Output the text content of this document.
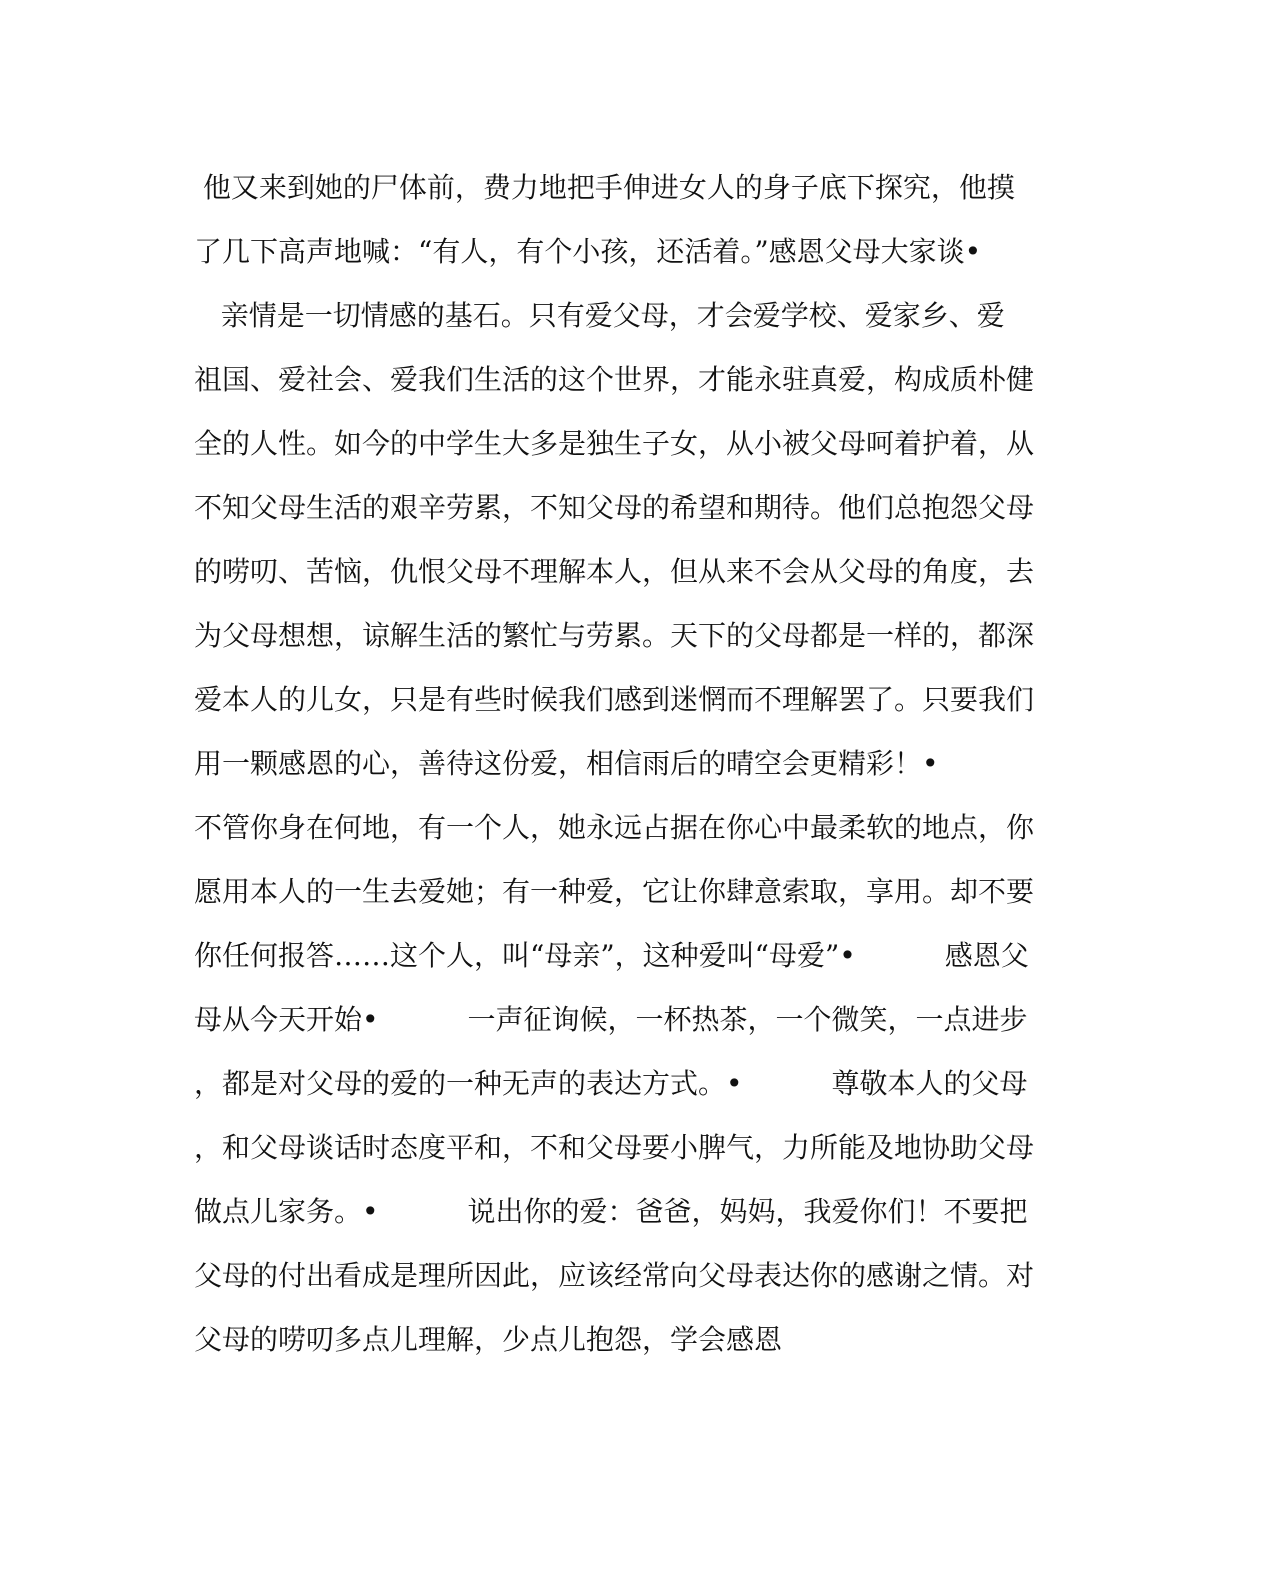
他又来到她的尸体前，费力地把手伸进女人的身子底下探究，他摸
了几下高声地喊：“有人，有个小孩，还活着。”感恩父母大家谈•
亲情是一切情感的基石。只有爱父母，才会爱学校、爱家乡、爱
祖国、爱社会、爱我们生活的这个世界，才能永驻真爱，构成质朴健
全的人性。如今的中学生大多是独生子女，从小被父母呵着护着，从
不知父母生活的艰辛劳累，不知父母的希望和期待。他们总抱怨父母
的唠叨、苦恼，仇恨父母不理解本人，但从来不会从父母的角度，去
为父母想想，谅解生活的繁忙与劳累。天下的父母都是一样的，都深
爱本人的儿女，只是有些时候我们感到迷惘而不理解罢了。只要我们
用一颗感恩的心，善待这份爱，相信雨后的晴空会更精彩！•
不管你身在何地，有一个人，她永远占据在你心中最柔软的地点，你
愿用本人的一生去爱她；有一种爱，它让你肆意索取，享用。却不要
你任何报答……这个人，叫“母亲”，这种爱叫“母爱”•          感恩父
母从今天开始•          一声征询候，一杯热茶，一个微笑，一点进步
，都是对父母的爱的一种无声的表达方式。•          尊敬本人的父母
，和父母谈话时态度平和，不和父母要小脾气，力所能及地协助父母
做点儿家务。•          说出你的爱：爸爸，妈妈，我爱你们！不要把
父母的付出看成是理所因此，应该经常向父母表达你的感谢之情。对
父母的唠叨多点儿理解，少点儿抱怨，学会感恩
